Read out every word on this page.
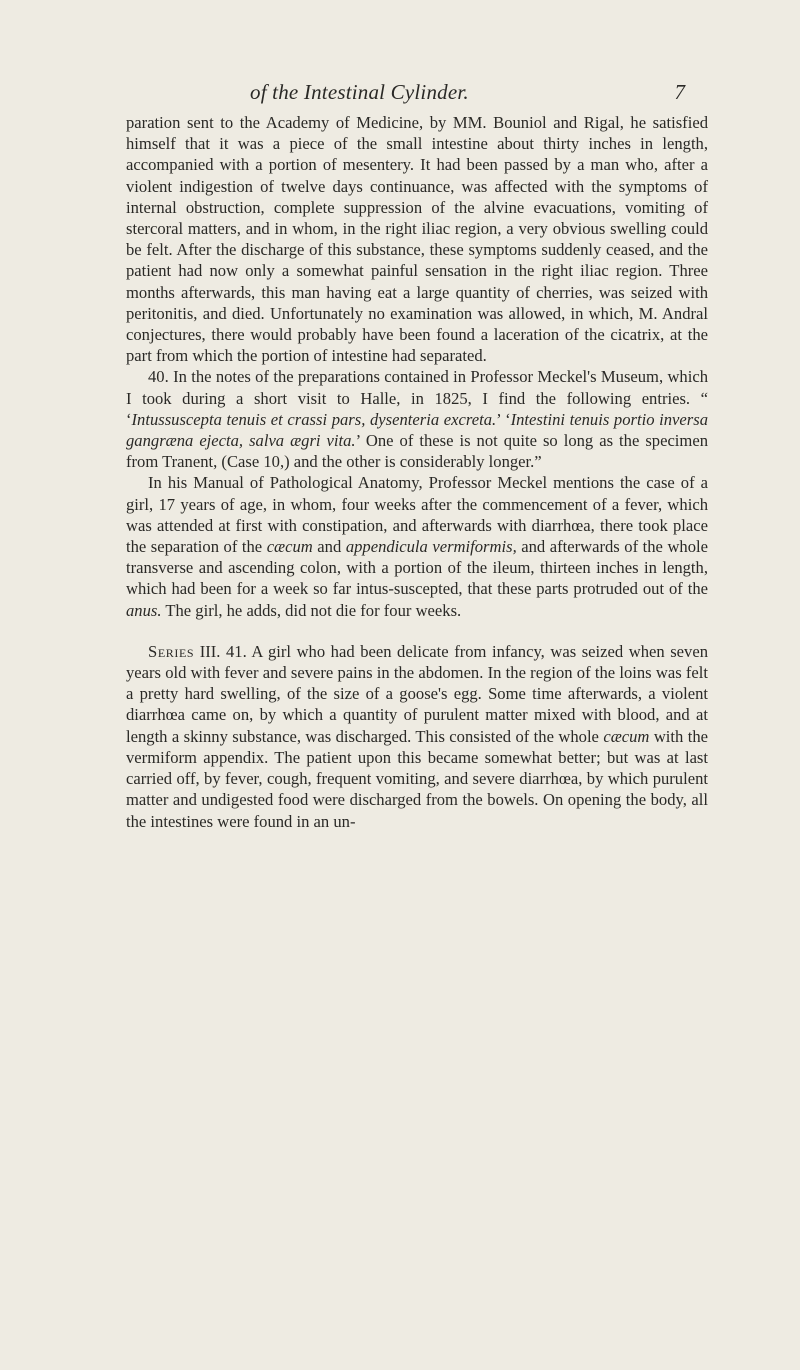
of the Intestinal Cylinder.	7

paration sent to the Academy of Medicine, by MM. Bouniol and Rigal, he satisfied himself that it was a piece of the small intestine about thirty inches in length, accompanied with a portion of mesentery. It had been passed by a man who, after a violent indigestion of twelve days continuance, was affected with the symptoms of internal obstruction, complete suppression of the alvine evacuations, vomiting of stercoral matters, and in whom, in the right iliac region, a very obvious swelling could be felt. After the discharge of this substance, these symptoms suddenly ceased, and the patient had now only a somewhat painful sensation in the right iliac region. Three months afterwards, this man having eat a large quantity of cherries, was seized with peritonitis, and died. Unfortunately no examination was allowed, in which, M. Andral conjectures, there would probably have been found a laceration of the cicatrix, at the part from which the portion of intestine had separated.

40. In the notes of the preparations contained in Professor Meckel's Museum, which I took during a short visit to Halle, in 1825, I find the following entries. “ ‘Intussuscepta tenuis et crassi pars, dysenteria excreta.’ ‘Intestini tenuis portio inversa gangræna ejecta, salva ægri vita.’ One of these is not quite so long as the specimen from Tranent, (Case 10,) and the other is considerably longer.”

In his Manual of Pathological Anatomy, Professor Meckel mentions the case of a girl, 17 years of age, in whom, four weeks after the commencement of a fever, which was attended at first with constipation, and afterwards with diarrhœa, there took place the separation of the cæcum and appendicula vermiformis, and afterwards of the whole transverse and ascending colon, with a portion of the ileum, thirteen inches in length, which had been for a week so far intus-suscepted, that these parts protruded out of the anus. The girl, he adds, did not die for four weeks.

Series III. 41. A girl who had been delicate from infancy, was seized when seven years old with fever and severe pains in the abdomen. In the region of the loins was felt a pretty hard swelling, of the size of a goose's egg. Some time afterwards, a violent diarrhœa came on, by which a quantity of purulent matter mixed with blood, and at length a skinny substance, was discharged. This consisted of the whole cæcum with the vermiform appendix. The patient upon this became somewhat better; but was at last carried off, by fever, cough, frequent vomiting, and severe diarrhœa, by which purulent matter and undigested food were discharged from the bowels. On opening the body, all the intestines were found in an un-
